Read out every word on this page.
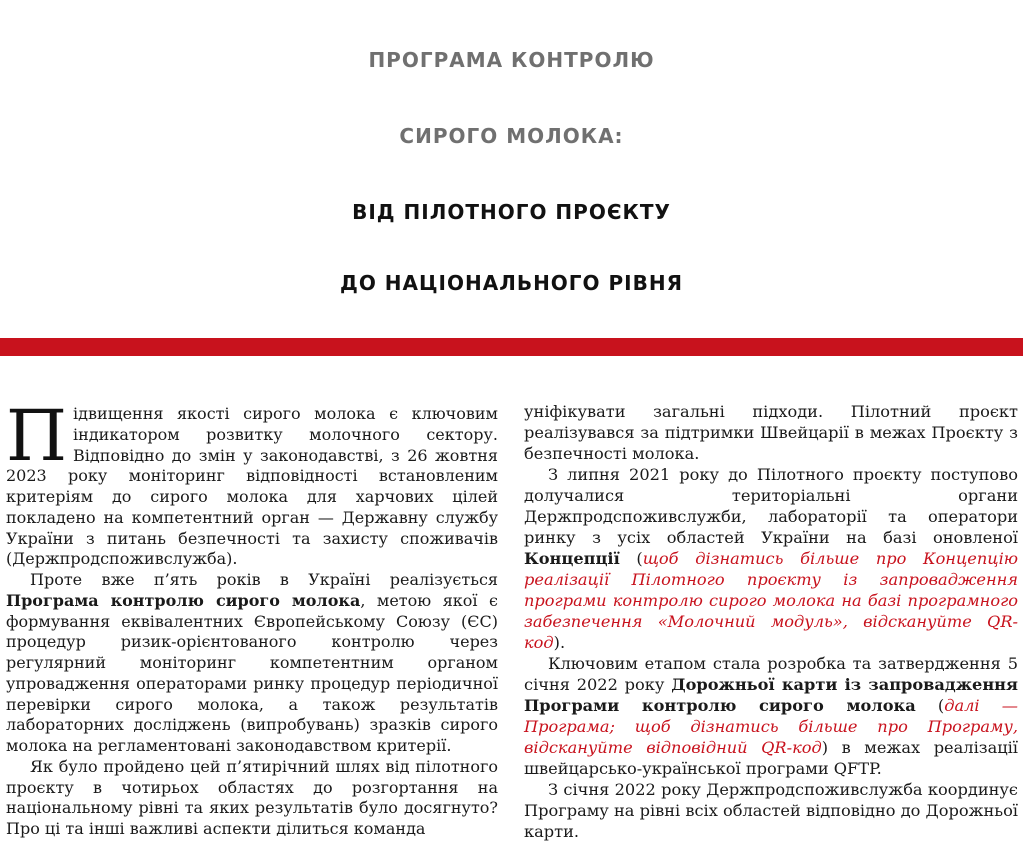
ПРОГРАМА КОНТРОЛЮ
СИРОГО МОЛОКА:
ВІД ПІЛОТНОГО ПРОЄКТУ
ДО НАЦІОНАЛЬНОГО РІВНЯ

Підвищення якості сирого молока є ключовим індикатором розвитку молочного сектору. Відповідно до змін у законодавстві, з 26 жовтня 2023 року моніторинг відповідності встановленим критеріям до сирого молока для харчових цілей покладено на компетентний орган — Державну службу України з питань безпечності та захисту споживачів (Держпродспоживслужба).

Проте вже п’ять років в Україні реалізується Програма контролю сирого молока, метою якої є формування еквівалентних Європейському Союзу (ЄС) процедур ризик-орієнтованого контролю через регулярний моніторинг компетентним органом упровадження операторами ринку процедур періодичної перевірки сирого молока, а також результатів лабораторних досліджень (випробувань) зразків сирого молока на регламентовані законодавством критерії.

Як було пройдено цей п’ятирічний шлях від пілотного проєкту в чотирьох областях до розгортання на національному рівні та яких результатів було досягнуто? Про ці та інші важливі аспекти ділиться команда

уніфікувати загальні підходи. Пілотний проєкт реалізувався за підтримки Швейцарії в межах Проєкту з безпечності молока.

З липня 2021 року до Пілотного проєкту поступово долучалися територіальні органи Держпродспоживслужби, лабораторії та оператори ринку з усіх областей України на базі оновленої Концепції (щоб дізнатись більше про Концепцію реалізації Пілотного проєкту із запровадження програми контролю сирого молока на базі програмного забезпечення «Молочний модуль», відскануйте QR-код).

Ключовим етапом стала розробка та затвердження 5 січня 2022 року Дорожньої карти із запровадження Програми контролю сирого молока (далі — Програма; щоб дізнатись більше про Програму, відскануйте відповідний QR-код) в межах реалізації швейцарсько-української програми QFTP.

З січня 2022 року Держпродспоживслужба координує Програму на рівні всіх областей відповідно до Дорожньої карти.
